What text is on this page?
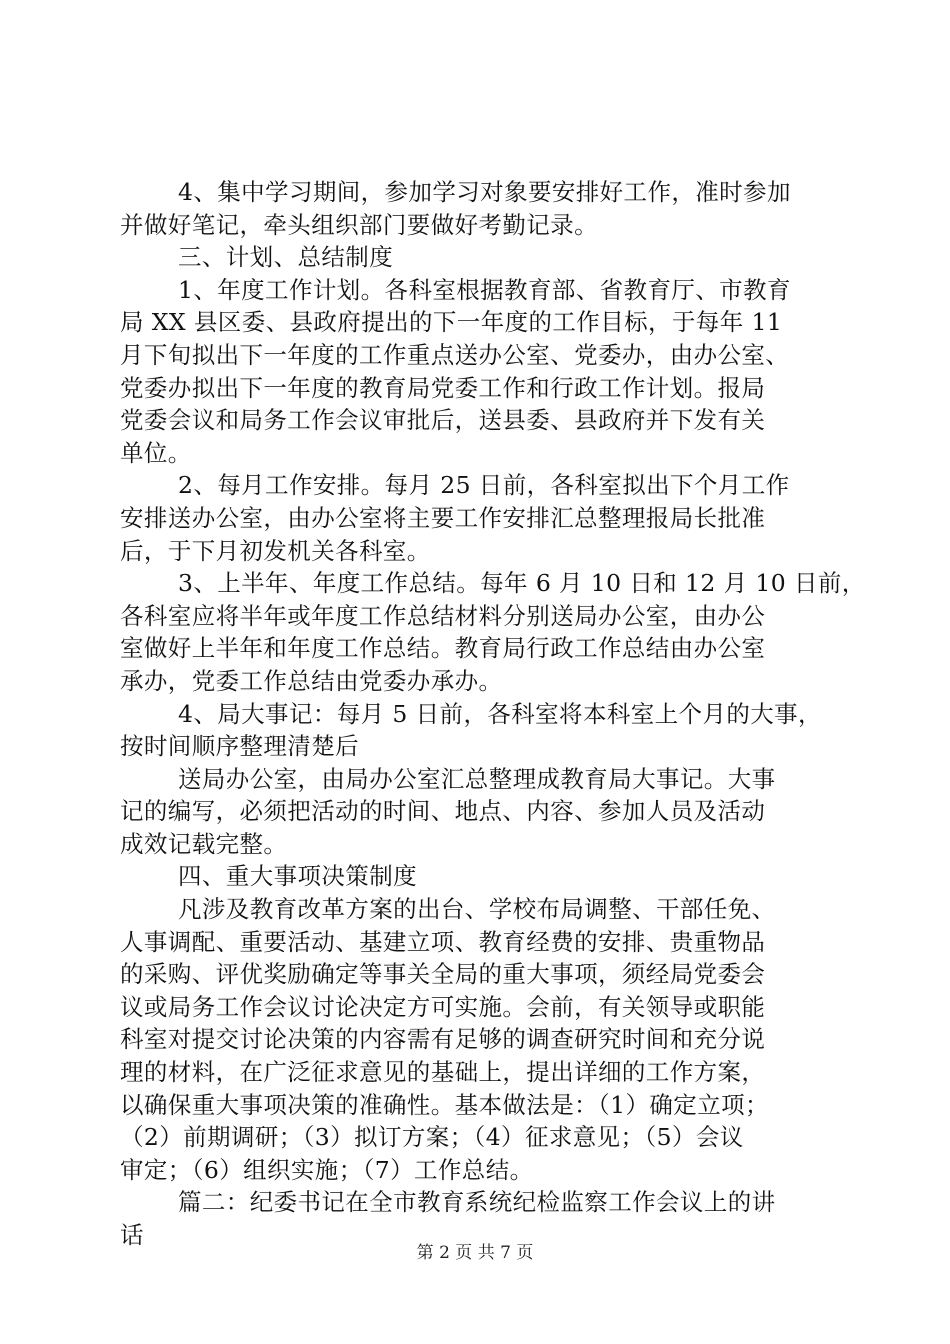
4、集中学习期间，参加学习对象要安排好工作，准时参加
并做好笔记，牵头组织部门要做好考勤记录。
三、计划、总结制度
1、年度工作计划。各科室根据教育部、省教育厅、市教育
局 XX 县区委、县政府提出的下一年度的工作目标，于每年 11
月下旬拟出下一年度的工作重点送办公室、党委办，由办公室、
党委办拟出下一年度的教育局党委工作和行政工作计划。报局
党委会议和局务工作会议审批后，送县委、县政府并下发有关
单位。
2、每月工作安排。每月 25 日前，各科室拟出下个月工作
安排送办公室，由办公室将主要工作安排汇总整理报局长批准
后，于下月初发机关各科室。
3、上半年、年度工作总结。每年 6 月 10 日和 12 月 10 日前，
各科室应将半年或年度工作总结材料分别送局办公室，由办公
室做好上半年和年度工作总结。教育局行政工作总结由办公室
承办，党委工作总结由党委办承办。
4、局大事记：每月 5 日前，各科室将本科室上个月的大事，
按时间顺序整理清楚后
送局办公室，由局办公室汇总整理成教育局大事记。大事
记的编写，必须把活动的时间、地点、内容、参加人员及活动
成效记载完整。
四、重大事项决策制度
凡涉及教育改革方案的出台、学校布局调整、干部任免、
人事调配、重要活动、基建立项、教育经费的安排、贵重物品
的采购、评优奖励确定等事关全局的重大事项，须经局党委会
议或局务工作会议讨论决定方可实施。会前，有关领导或职能
科室对提交讨论决策的内容需有足够的调查研究时间和充分说
理的材料，在广泛征求意见的基础上，提出详细的工作方案，
以确保重大事项决策的准确性。基本做法是：（1）确定立项；
（2）前期调研；（3）拟订方案；（4）征求意见；（5）会议
审定；（6）组织实施；（7）工作总结。
篇二：纪委书记在全市教育系统纪检监察工作会议上的讲
话
第 2 页 共 7 页
